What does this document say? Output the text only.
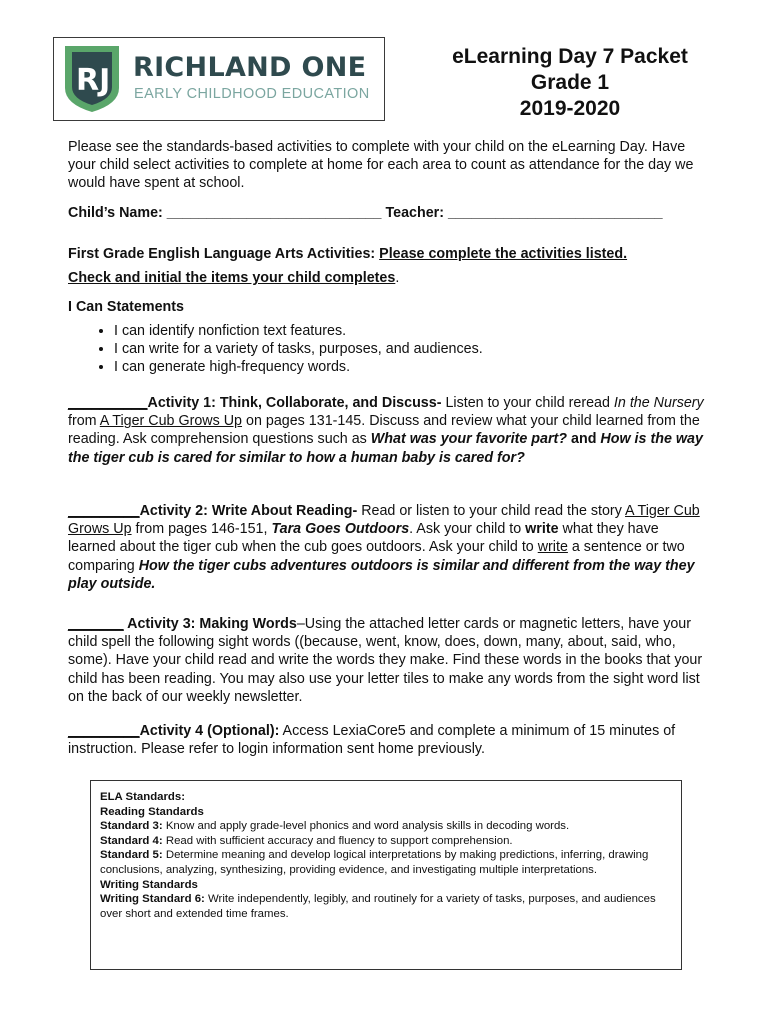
RJ RICHLAND ONE
EARLY CHILDHOOD EDUCATION
eLearning Day 7 Packet
Grade 1
2019-2020
Please see the standards-based activities to complete with your child on the eLearning Day. Have your child select activities to complete at home for each area to count as attendance for the day we would have spent at school.
Child’s Name: ___________________________ Teacher: ___________________________
First Grade English Language Arts Activities: Please complete the activities listed.
Check and initial the items your child completes.
I Can Statements
• I can identify nonfiction text features.
• I can write for a variety of tasks, purposes, and audiences.
• I can generate high-frequency words.
__________Activity 1: Think, Collaborate, and Discuss- Listen to your child reread In the Nursery from A Tiger Cub Grows Up on pages 131-145. Discuss and review what your child learned from the reading. Ask comprehension questions such as What was your favorite part? and How is the way the tiger cub is cared for similar to how a human baby is cared for?
_________Activity 2: Write About Reading- Read or listen to your child read the story A Tiger Cub Grows Up from pages 146-151, Tara Goes Outdoors. Ask your child to write what they have learned about the tiger cub when the cub goes outdoors. Ask your child to write a sentence or two comparing How the tiger cubs adventures outdoors is similar and different from the way they play outside.
_______ Activity 3: Making Words–Using the attached letter cards or magnetic letters, have your child spell the following sight words ((because, went, know, does, down, many, about, said, who, some). Have your child read and write the words they make. Find these words in the books that your child has been reading. You may also use your letter tiles to make any words from the sight word list on the back of our weekly newsletter.
_________Activity 4 (Optional): Access LexiaCore5 and complete a minimum of 15 minutes of instruction. Please refer to login information sent home previously.
ELA Standards:
Reading Standards
Standard 3: Know and apply grade-level phonics and word analysis skills in decoding words.
Standard 4: Read with sufficient accuracy and fluency to support comprehension.
Standard 5: Determine meaning and develop logical interpretations by making predictions, inferring, drawing conclusions, analyzing, synthesizing, providing evidence, and investigating multiple interpretations.
Writing Standards
Writing Standard 6: Write independently, legibly, and routinely for a variety of tasks, purposes, and audiences over short and extended time frames.
